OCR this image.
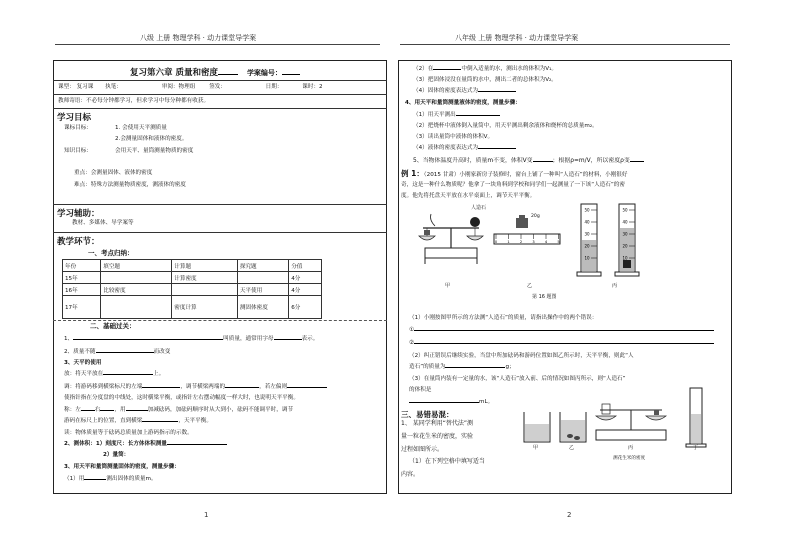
八级 上册 物理学科 · 动力课堂导学案
复习第六章 质量和密度	学案编号：
课型： 复习课 执笔：	审阅：物理组 签发：	日期：	课时：2
教师寄语：不必每分钟都学习，但求学习中每分种都有收获。
学习目标
课标目标：	1. 会使用天平测质量
2.会测量固体和液体的密度。
知识目标：	会用天平、量筒测量物质的密度
重点：会测量固体、液体的密度
难点：特殊方法测量物质密度，测液体的密度
学习辅助：
教材、多媒体、导学案等
教学环节：
一、考点归纳：
年份	填空题	计算题	探究题	分值
15年		计算密度		4分
16年	比较密度		天平使用	4分
17年		密度计算	测固体密度	6分
二、基础过关：
1、	叫质量，通常用字母	表示。
2、质量不随	而改变
3、天平的使用
放：将天平放在	上。
调：将游码移到横梁标尺的左端	，调节横梁两端的	，若左偏则
使指针指在分度盘的中线处，这时横梁平衡，或指针左右摆动幅度一样大时，也说明天平平衡。
称：左	右	，用	加减砝码，加砝码顺序时从大到小，砝码不能调平时，调节
游码在标尺上的位置，直到横梁	，天平平衡。
读：物体质量等于砝码总质量加上游码指示的示数。
2、测体积：1）刻度尺：长方体体积测量
2）量筒：
3、用天平和量筒测量固体的密度，测量步骤：
（1）用	测出固体的质量m。
1
八年级 上册 物理学科 · 动力课堂导学案
（2）在	中倒入适量的水，测出水的体积为V₁。
（3）把固体浸没在量筒的水中，测出二者的总体积为V₂。
（4）固体的密度表达式为
4、用天平和量筒测量液体的密度，测量步骤：
（1）用天平测出
（2）把烧杯中液体倒入量筒中，用天平测出剩余液体和烧杯的总质量m₂。
（3）读出量筒中液体的体积V。
（4）液体的密度表达式为
5、当物体温度升高时，质量m不变，体积V变	；根据ρ=m/V，所以密度ρ变
例 1：（2015 甘肃）小刚家新房子装修时，窗台上铺了一种叫“人造石”的材料，小刚很好
奇，这是一种什么物质呢？他拿了一块角料到学校和同学们一起测量了一下该“人造石”的密
度。他先将托盘天平放在水平桌面上，调节天平平衡。
人造石
甲
0	1	2	3	4	5
20g
乙
50
40
30
20
10
50
40
30
20
10
丙
第 16 题图
（1）小刚按图甲所示的方法测“人造石”的质量，请指出操作中的两个错误：
①
②
（2）纠正错误后继续实验，当盘中所加砝码和游码位置如图乙所示时，天平平衡，则此“人
造石”的质量为	g；
（3）在量筒内装有一定量的水，该“人造石”放入前、后的情况如图丙所示，则“人造石”
的体积是
mL。
三、易错易混：
1、 某同学利用“替代法”测
量一粒花生米的密度，实验
过程如图所示。
（1）在下列空格中填写适当
内容。
甲	乙	丙	丁
测花生米的密度
2
